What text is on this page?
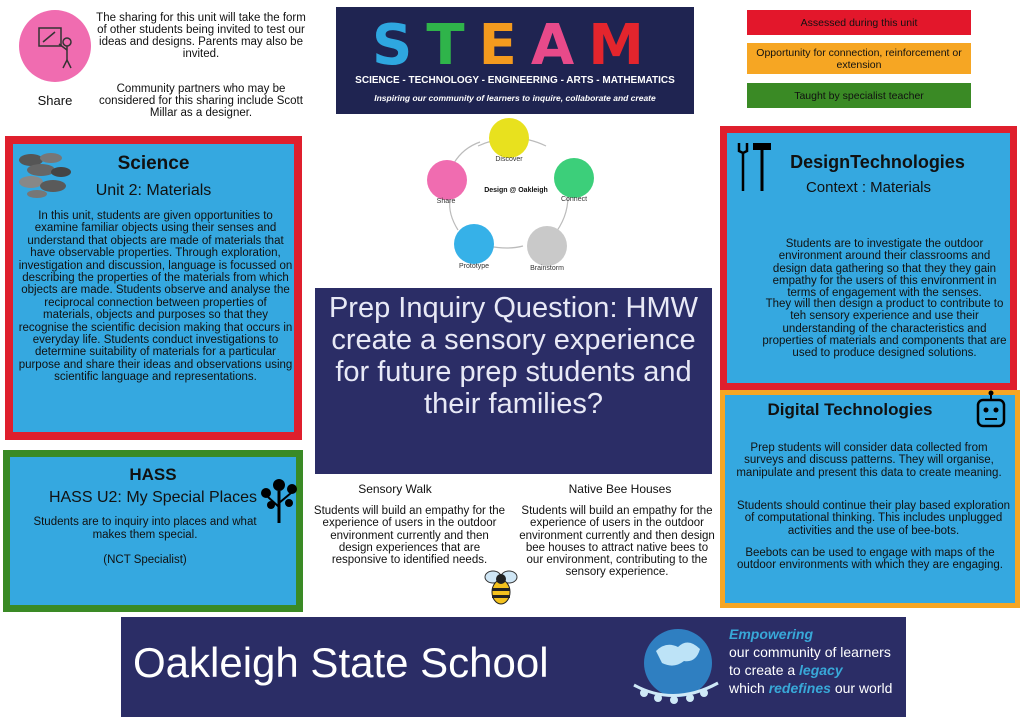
Share
The sharing for this unit will take the form of other students being invited to test our ideas and designs. Parents may also be invited.
Community partners who may be considered for this sharing include Scott Millar as a designer.
STEAM
SCIENCE - TECHNOLOGY - ENGINEERING - ARTS - MATHEMATICS
Inspiring our community of learners to inquire, collaborate and create
Assessed during this unit
Opportunity for connection, reinforcement or extension
Taught by specialist teacher
Science
Unit 2: Materials
In this unit, students are given opportunities to examine familiar objects using their senses and understand that objects are made of materials that have observable properties. Through exploration, investigation and discussion, language is focussed on describing the properties of the materials from which objects are made. Students observe and analyse the reciprocal connection between properties of materials, objects and purposes so that they recognise the scientific decision making that occurs in everyday life. Students conduct investigations to determine suitability of materials for a particular purpose and share their ideas and observations using scientific language and representations.
Discover
Connect
Brainstorm
Prototype
Share
Design @ Oakleigh
Prep Inquiry Question: HMW create a sensory experience for future prep students and their families?
HASS
HASS U2: My Special Places
Students are to inquiry into places and what makes them special.
(NCT Specialist)
Sensory Walk
Students will build an empathy for the experience of users in the outdoor environment currently and then design experiences that are responsive to identified needs.
Native Bee Houses
Students will build an empathy for the experience of users in the outdoor environment currently and then design bee houses to attract native bees to our environment, contributing to the sensory experience.
DesignTechnologies
Context : Materials
Students are to investigate the outdoor environment around their classrooms and design data gathering so that they they gain empathy for the users of this environment in terms of engagement with the senses.
They will then design a product to contribute to teh sensory experience and use their understanding of the characteristics and properties of materials and components that are used to produce designed solutions.
Digital Technologies
Prep students will consider data collected from surveys and discuss patterns. They will organise, manipulate and present this data to create meaning.
Students should continue their play based exploration of computational thinking. This includes unplugged activities and the use of bee-bots.
Beebots can be used to engage with maps of the outdoor environments with which they are engaging.
Oakleigh State School
Empowering
our community of learners
to create a legacy
which redefines our world
